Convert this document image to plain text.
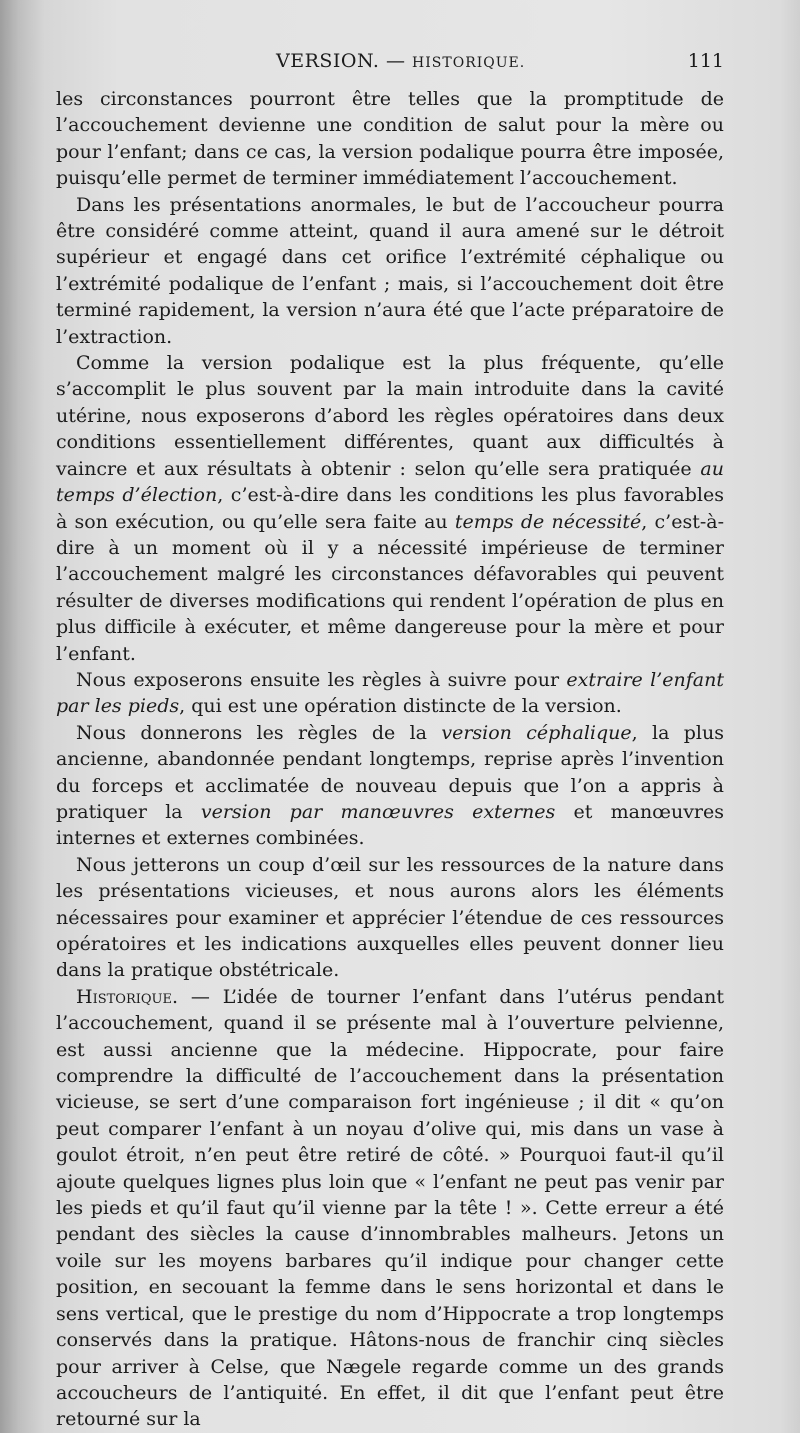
VERSION. — HISTORIQUE.	111

les circonstances pourront être telles que la promptitude de l’accouchement devienne une condition de salut pour la mère ou pour l’enfant; dans ce cas, la version podalique pourra être imposée, puisqu’elle permet de terminer immédiatement l’accouchement.

Dans les présentations anormales, le but de l’accoucheur pourra être considéré comme atteint, quand il aura amené sur le détroit supérieur et engagé dans cet orifice l’extrémité céphalique ou l’extrémité podalique de l’enfant ; mais, si l’accouchement doit être terminé rapidement, la version n’aura été que l’acte préparatoire de l’extraction.

Comme la version podalique est la plus fréquente, qu’elle s’accomplit le plus souvent par la main introduite dans la cavité utérine, nous exposerons d’abord les règles opératoires dans deux conditions essentiellement différentes, quant aux difficultés à vaincre et aux résultats à obtenir : selon qu’elle sera pratiquée au temps d’élection, c’est-à-dire dans les conditions les plus favorables à son exécution, ou qu’elle sera faite au temps de nécessité, c’est-à-dire à un moment où il y a nécessité impérieuse de terminer l’accouchement malgré les circonstances défavorables qui peuvent résulter de diverses modifications qui rendent l’opération de plus en plus difficile à exécuter, et même dangereuse pour la mère et pour l’enfant.

Nous exposerons ensuite les règles à suivre pour extraire l’enfant par les pieds, qui est une opération distincte de la version.

Nous donnerons les règles de la version céphalique, la plus ancienne, abandonnée pendant longtemps, reprise après l’invention du forceps et acclimatée de nouveau depuis que l’on a appris à pratiquer la version par manœuvres externes et manœuvres internes et externes combinées.

Nous jetterons un coup d’œil sur les ressources de la nature dans les présentations vicieuses, et nous aurons alors les éléments nécessaires pour examiner et apprécier l’étendue de ces ressources opératoires et les indications auxquelles elles peuvent donner lieu dans la pratique obstétricale.

Historique. — L’idée de tourner l’enfant dans l’utérus pendant l’accouchement, quand il se présente mal à l’ouverture pelvienne, est aussi ancienne que la médecine. Hippocrate, pour faire comprendre la difficulté de l’accouchement dans la présentation vicieuse, se sert d’une comparaison fort ingénieuse ; il dit « qu’on peut comparer l’enfant à un noyau d’olive qui, mis dans un vase à goulot étroit, n’en peut être retiré de côté. » Pourquoi faut-il qu’il ajoute quelques lignes plus loin que « l’enfant ne peut pas venir par les pieds et qu’il faut qu’il vienne par la tête ! ». Cette erreur a été pendant des siècles la cause d’innombrables malheurs. Jetons un voile sur les moyens barbares qu’il indique pour changer cette position, en secouant la femme dans le sens horizontal et dans le sens vertical, que le prestige du nom d’Hippocrate a trop longtemps conservés dans la pratique. Hâtons-nous de franchir cinq siècles pour arriver à Celse, que Nægele regarde comme un des grands accoucheurs de l’antiquité. En effet, il dit que l’enfant peut être retourné sur la
